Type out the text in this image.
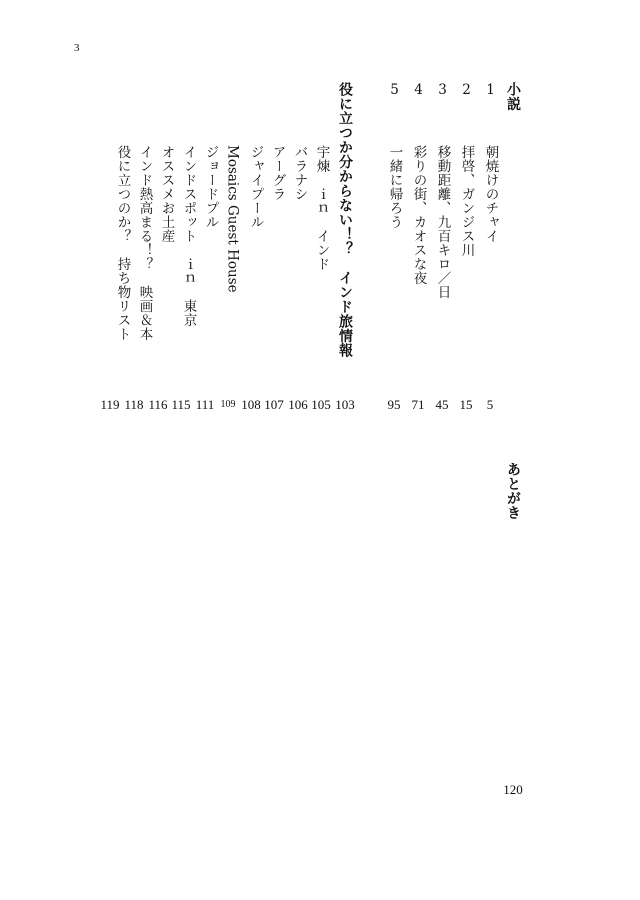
3
小説
1
朝焼けのチャイ
2
拝啓、ガンジス川
3
移動距離、九百キロ／日
4
彩りの街、カオスな夜
5
一緒に帰ろう
5
15
45
71
95
役に立つか分からない！？　インド旅情報
宇煉　ｉｎ　インド
バラナシ
アーグラ
ジャイプール
Mosaics Guest House
ジョードプル
インドスポット　ｉｎ　東京
オススメお土産
インド熱高まる！？　映画＆本
役に立つのか？　持ち物リスト
103
105
106
107
108
109
111
115
116
118
119
あとがき
120
